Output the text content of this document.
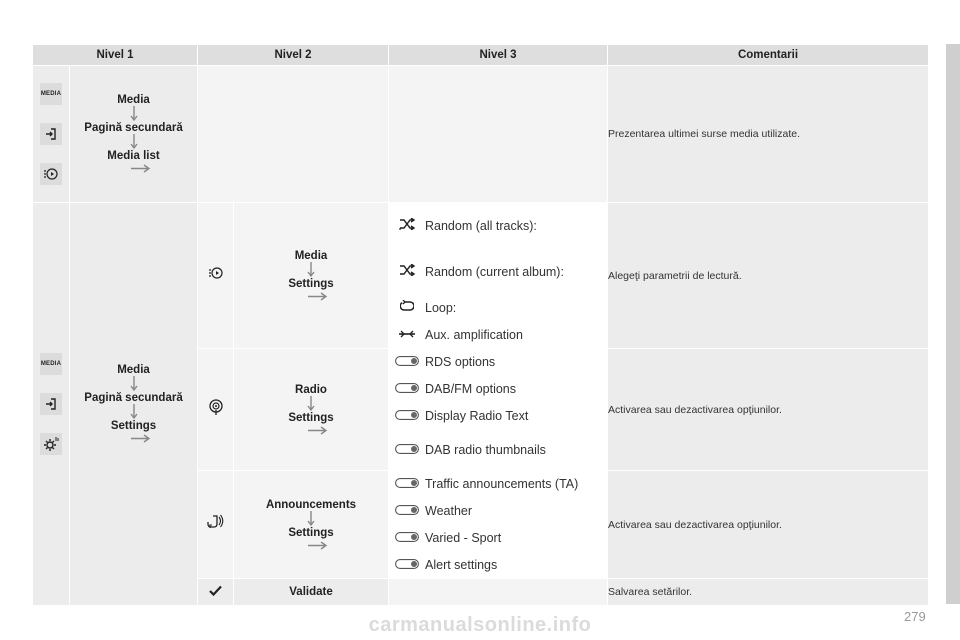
Nivel 1		Nivel 2		Nivel 3		Comentarii

MEDIA	Media
Pagină secundară
Media list					Prezentarea ultimei surse media utilizate.

MEDIA	Media
Pagină secundară
Settings		Media
Settings		Random (all tracks):	Alegeţi parametrii de lectură.
	Random (current album):	
	Loop:	
	Aux. amplification	

Radio
Settings		RDS options	Activarea sau dezactivarea opţiunilor.
	DAB/FM options	
	Display Radio Text	
	DAB radio thumbnails	

Announcements
Settings		Traffic announcements (TA)	Activarea sau dezactivarea opţiunilor.
	Weather	
	Varied - Sport	
	Alert settings	
	Validate			Salvarea setărilor.
279
carmanualsonline.info
